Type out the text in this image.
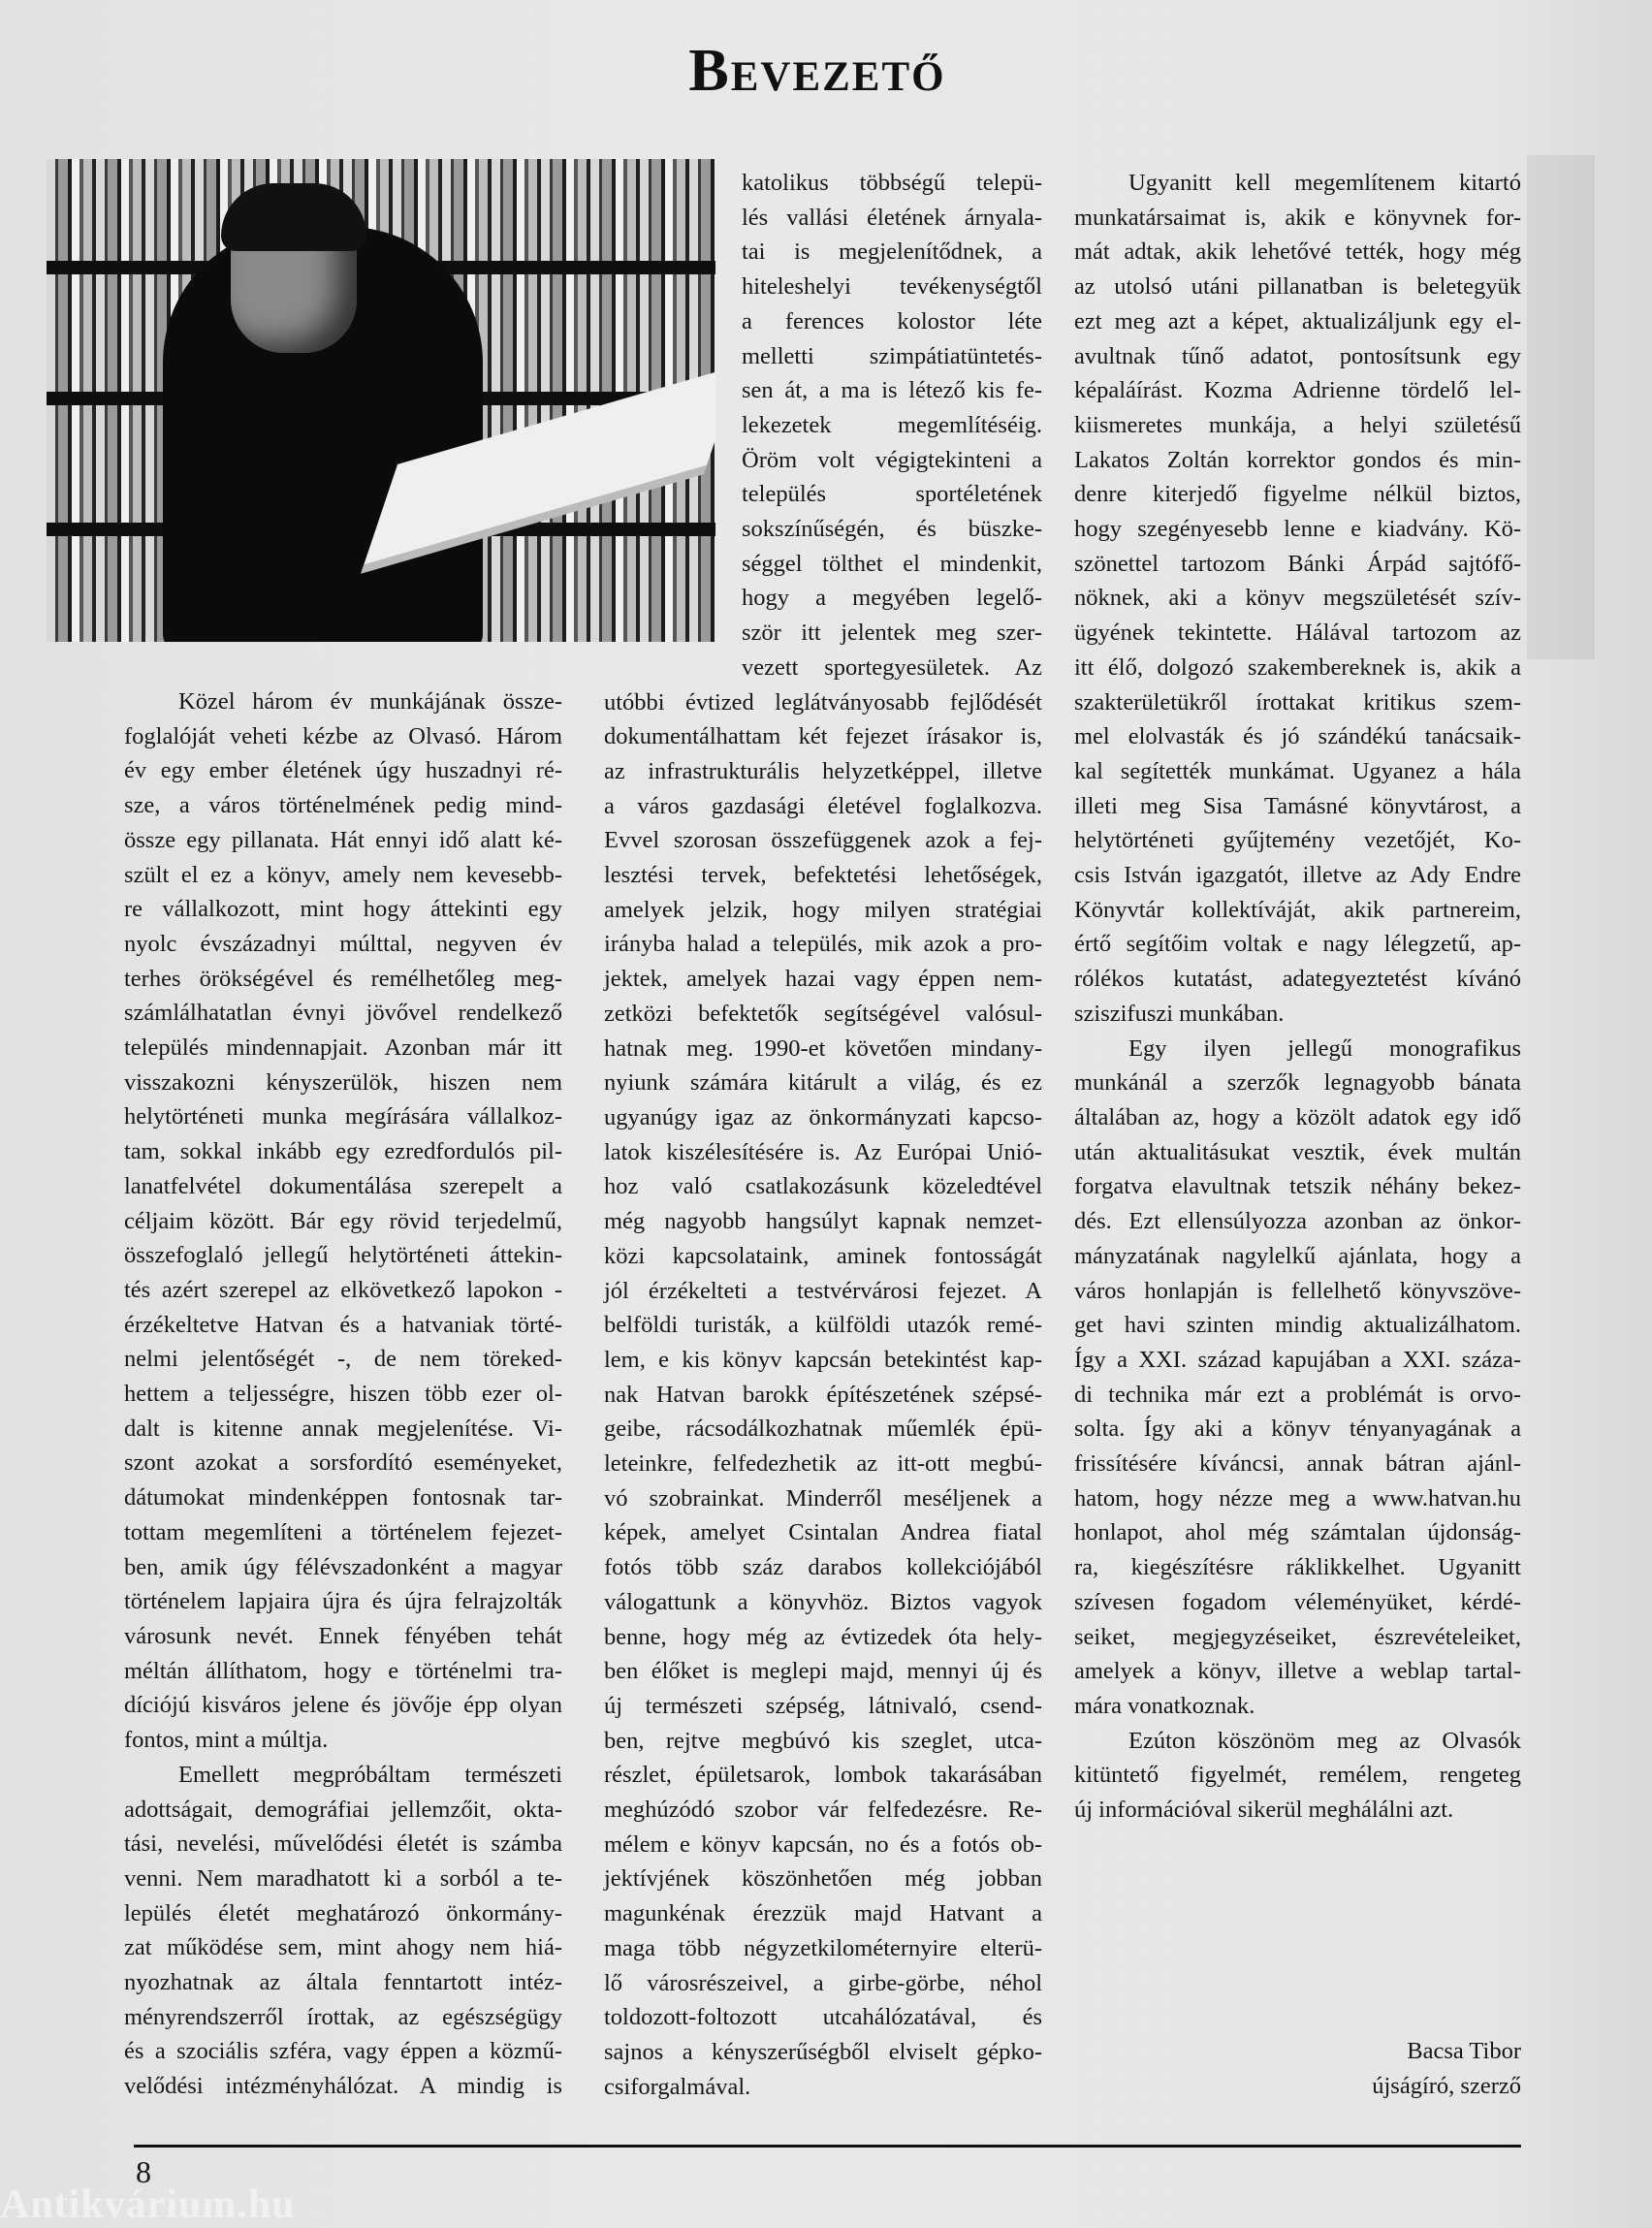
Bevezető
Közel három év munkájának össze-
foglalóját veheti kézbe az Olvasó. Három
év egy ember életének úgy huszadnyi ré-
sze, a város történelmének pedig mind-
össze egy pillanata. Hát ennyi idő alatt ké-
szült el ez a könyv, amely nem kevesebb-
re vállalkozott, mint hogy áttekinti egy
nyolc évszázadnyi múlttal, negyven év
terhes örökségével és remélhetőleg meg-
számlálhatatlan évnyi jövővel rendelkező
település mindennapjait. Azonban már itt
visszakozni kényszerülök, hiszen nem
helytörténeti munka megírására vállalkoz-
tam, sokkal inkább egy ezredfordulós pil-
lanatfelvétel dokumentálása szerepelt a
céljaim között. Bár egy rövid terjedelmű,
összefoglaló jellegű helytörténeti áttekin-
tés azért szerepel az elkövetkező lapokon -
érzékeltetve Hatvan és a hatvaniak törté-
nelmi jelentőségét -, de nem töreked-
hettem a teljességre, hiszen több ezer ol-
dalt is kitenne annak megjelenítése. Vi-
szont azokat a sorsfordító eseményeket,
dátumokat mindenképpen fontosnak tar-
tottam megemlíteni a történelem fejezet-
ben, amik úgy félévszadonként a magyar
történelem lapjaira újra és újra felrajzolták
városunk nevét. Ennek fényében tehát
méltán állíthatom, hogy e történelmi tra-
díciójú kisváros jelene és jövője épp olyan
fontos, mint a múltja.
Emellett megpróbáltam természeti
adottságait, demográfiai jellemzőit, okta-
tási, nevelési, művelődési életét is számba
venni. Nem maradhatott ki a sorból a te-
lepülés életét meghatározó önkormány-
zat működése sem, mint ahogy nem hiá-
nyozhatnak az általa fenntartott intéz-
ményrendszerről írottak, az egészségügy
és a szociális szféra, vagy éppen a közmű-
velődési intézményhálózat. A mindig is
katolikus többségű telepü-
lés vallási életének árnyala-
tai is megjelenítődnek, a
hiteleshelyi tevékenységtől
a ferences kolostor léte
melletti szimpátiatüntetés-
sen át, a ma is létező kis fe-
lekezetek megemlítéséig.
Öröm volt végigtekinteni a
település sportéletének
sokszínűségén, és büszke-
séggel tölthet el mindenkit,
hogy a megyében legelő-
ször itt jelentek meg szer-
vezett sportegyesületek. Az
utóbbi évtized leglátványosabb fejlődését
dokumentálhattam két fejezet írásakor is,
az infrastrukturális helyzetképpel, illetve
a város gazdasági életével foglalkozva.
Evvel szorosan összefüggenek azok a fej-
lesztési tervek, befektetési lehetőségek,
amelyek jelzik, hogy milyen stratégiai
irányba halad a település, mik azok a pro-
jektek, amelyek hazai vagy éppen nem-
zetközi befektetők segítségével valósul-
hatnak meg. 1990-et követően mindany-
nyiunk számára kitárult a világ, és ez
ugyanúgy igaz az önkormányzati kapcso-
latok kiszélesítésére is. Az Európai Unió-
hoz való csatlakozásunk közeledtével
még nagyobb hangsúlyt kapnak nemzet-
közi kapcsolataink, aminek fontosságát
jól érzékelteti a testvérvárosi fejezet. A
belföldi turisták, a külföldi utazók remé-
lem, e kis könyv kapcsán betekintést kap-
nak Hatvan barokk építészetének szépsé-
geibe, rácsodálkozhatnak műemlék épü-
leteinkre, felfedezhetik az itt-ott megbú-
vó szobrainkat. Minderről meséljenek a
képek, amelyet Csintalan Andrea fiatal
fotós több száz darabos kollekciójából
válogattunk a könyvhöz. Biztos vagyok
benne, hogy még az évtizedek óta hely-
ben élőket is meglepi majd, mennyi új és
új természeti szépség, látnivaló, csend-
ben, rejtve megbúvó kis szeglet, utca-
részlet, épületsarok, lombok takarásában
meghúzódó szobor vár felfedezésre. Re-
mélem e könyv kapcsán, no és a fotós ob-
jektívjének köszönhetően még jobban
magunkénak érezzük majd Hatvant a
maga több négyzetkilométernyire elterü-
lő városrészeivel, a girbe-görbe, néhol
toldozott-foltozott utcahálózatával, és
sajnos a kényszerűségből elviselt gépko-
csiforgalmával.
Ugyanitt kell megemlítenem kitartó
munkatársaimat is, akik e könyvnek for-
mát adtak, akik lehetővé tették, hogy még
az utolsó utáni pillanatban is beletegyük
ezt meg azt a képet, aktualizáljunk egy el-
avultnak tűnő adatot, pontosítsunk egy
képaláírást. Kozma Adrienne tördelő lel-
kiismeretes munkája, a helyi születésű
Lakatos Zoltán korrektor gondos és min-
denre kiterjedő figyelme nélkül biztos,
hogy szegényesebb lenne e kiadvány. Kö-
szönettel tartozom Bánki Árpád sajtófő-
nöknek, aki a könyv megszületését szív-
ügyének tekintette. Hálával tartozom az
itt élő, dolgozó szakembereknek is, akik a
szakterületükről írottakat kritikus szem-
mel elolvasták és jó szándékú tanácsaik-
kal segítették munkámat. Ugyanez a hála
illeti meg Sisa Tamásné könyvtárost, a
helytörténeti gyűjtemény vezetőjét, Ko-
csis István igazgatót, illetve az Ady Endre
Könyvtár kollektíváját, akik partnereim,
értő segítőim voltak e nagy lélegzetű, ap-
rólékos kutatást, adategyeztetést kívánó
sziszifuszi munkában.
Egy ilyen jellegű monografikus
munkánál a szerzők legnagyobb bánata
általában az, hogy a közölt adatok egy idő
után aktualitásukat vesztik, évek multán
forgatva elavultnak tetszik néhány bekez-
dés. Ezt ellensúlyozza azonban az önkor-
mányzatának nagylelkű ajánlata, hogy a
város honlapján is fellelhető könyvszöve-
get havi szinten mindig aktualizálhatom.
Így a XXI. század kapujában a XXI. száza-
di technika már ezt a problémát is orvo-
solta. Így aki a könyv tényanyagának a
frissítésére kíváncsi, annak bátran ajánl-
hatom, hogy nézze meg a www.hatvan.hu
honlapot, ahol még számtalan újdonság-
ra, kiegészítésre ráklikkelhet. Ugyanitt
szívesen fogadom véleményüket, kérdé-
seiket, megjegyzéseiket, észrevételeiket,
amelyek a könyv, illetve a weblap tartal-
mára vonatkoznak.
Ezúton köszönöm meg az Olvasók
kitüntető figyelmét, remélem, rengeteg
új információval sikerül meghálálni azt.
Bacsa Tibor
újságíró, szerző
8
Antikvárium.hu
